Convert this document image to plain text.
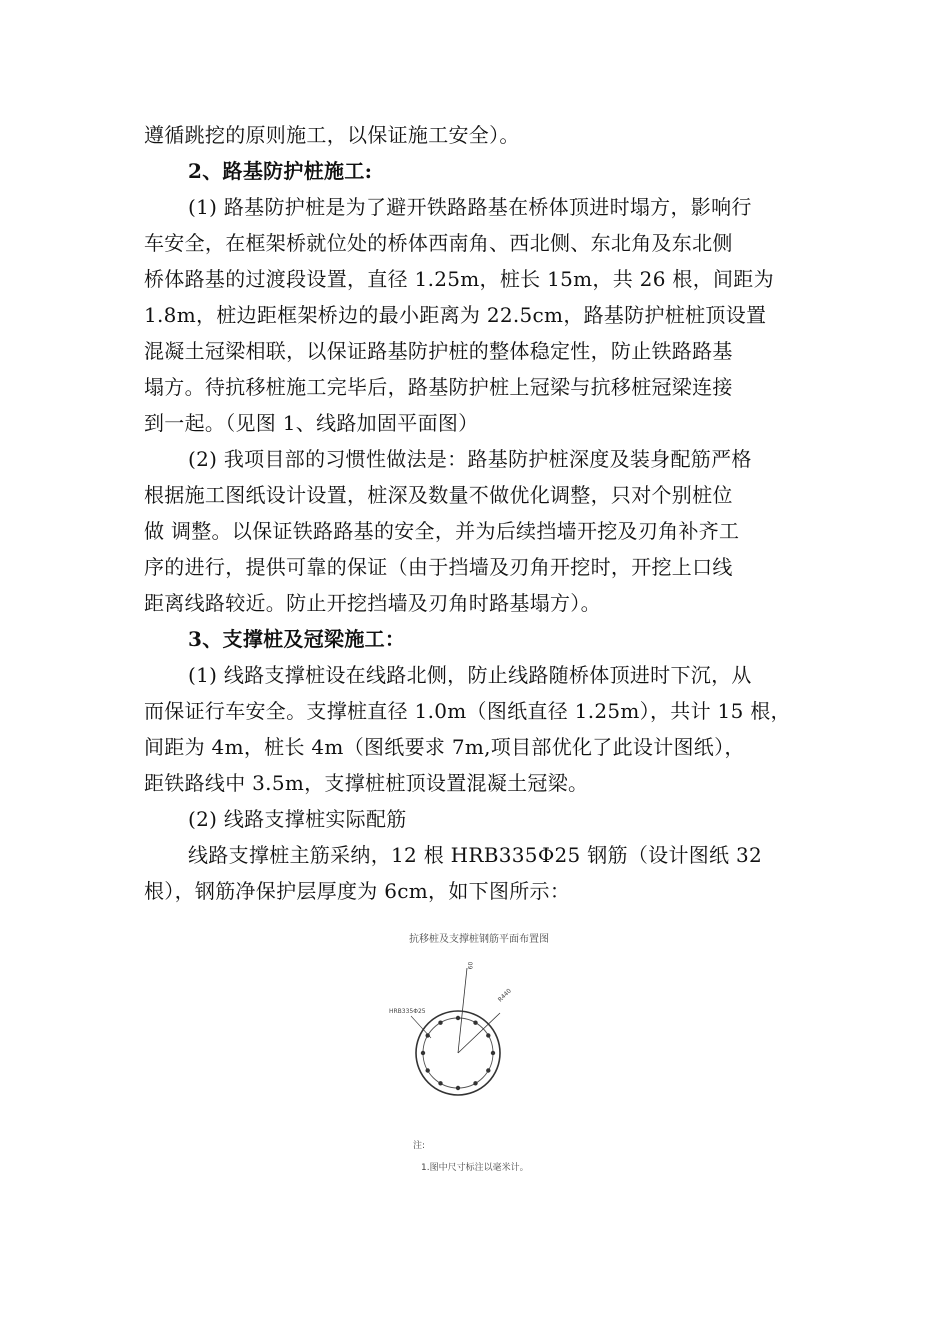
遵循跳挖的原则施工，以保证施工安全）。
2、路基防护桩施工:
(1) 路基防护桩是为了避开铁路路基在桥体顶进时塌方，影响行
车安全，在框架桥就位处的桥体西南角、西北侧、东北角及东北侧
桥体路基的过渡段设置，直径 1.25m，桩长 15m，共 26 根，间距为
1.8m，桩边距框架桥边的最小距离为 22.5cm，路基防护桩桩顶设置
混凝土冠梁相联，以保证路基防护桩的整体稳定性，防止铁路路基
塌方。待抗移桩施工完毕后，路基防护桩上冠梁与抗移桩冠梁连接
到一起。（见图 1、线路加固平面图）
(2) 我项目部的习惯性做法是：路基防护桩深度及装身配筋严格
根据施工图纸设计设置，桩深及数量不做优化调整，只对个别桩位
做 调整。以保证铁路路基的安全，并为后续挡墙开挖及刃角补齐工
序的进行，提供可靠的保证（由于挡墙及刃角开挖时，开挖上口线
距离线路较近。防止开挖挡墙及刃角时路基塌方）。
3、支撑桩及冠梁施工：
(1) 线路支撑桩设在线路北侧，防止线路随桥体顶进时下沉，从
而保证行车安全。支撑桩直径 1.0m（图纸直径 1.25m），共计 15 根，
间距为 4m，桩长 4m（图纸要求 7m,项目部优化了此设计图纸），
距铁路线中 3.5m，支撑桩桩顶设置混凝土冠梁。
(2) 线路支撑桩实际配筋
线路支撑桩主筋采纳，12 根 HRB335Φ25 钢筋（设计图纸 32
根），钢筋净保护层厚度为 6cm，如下图所示：
抗移桩及支撑桩钢筋平面布置图
HRB335Φ25
60
R440
注:
1.图中尺寸标注以毫米计。
